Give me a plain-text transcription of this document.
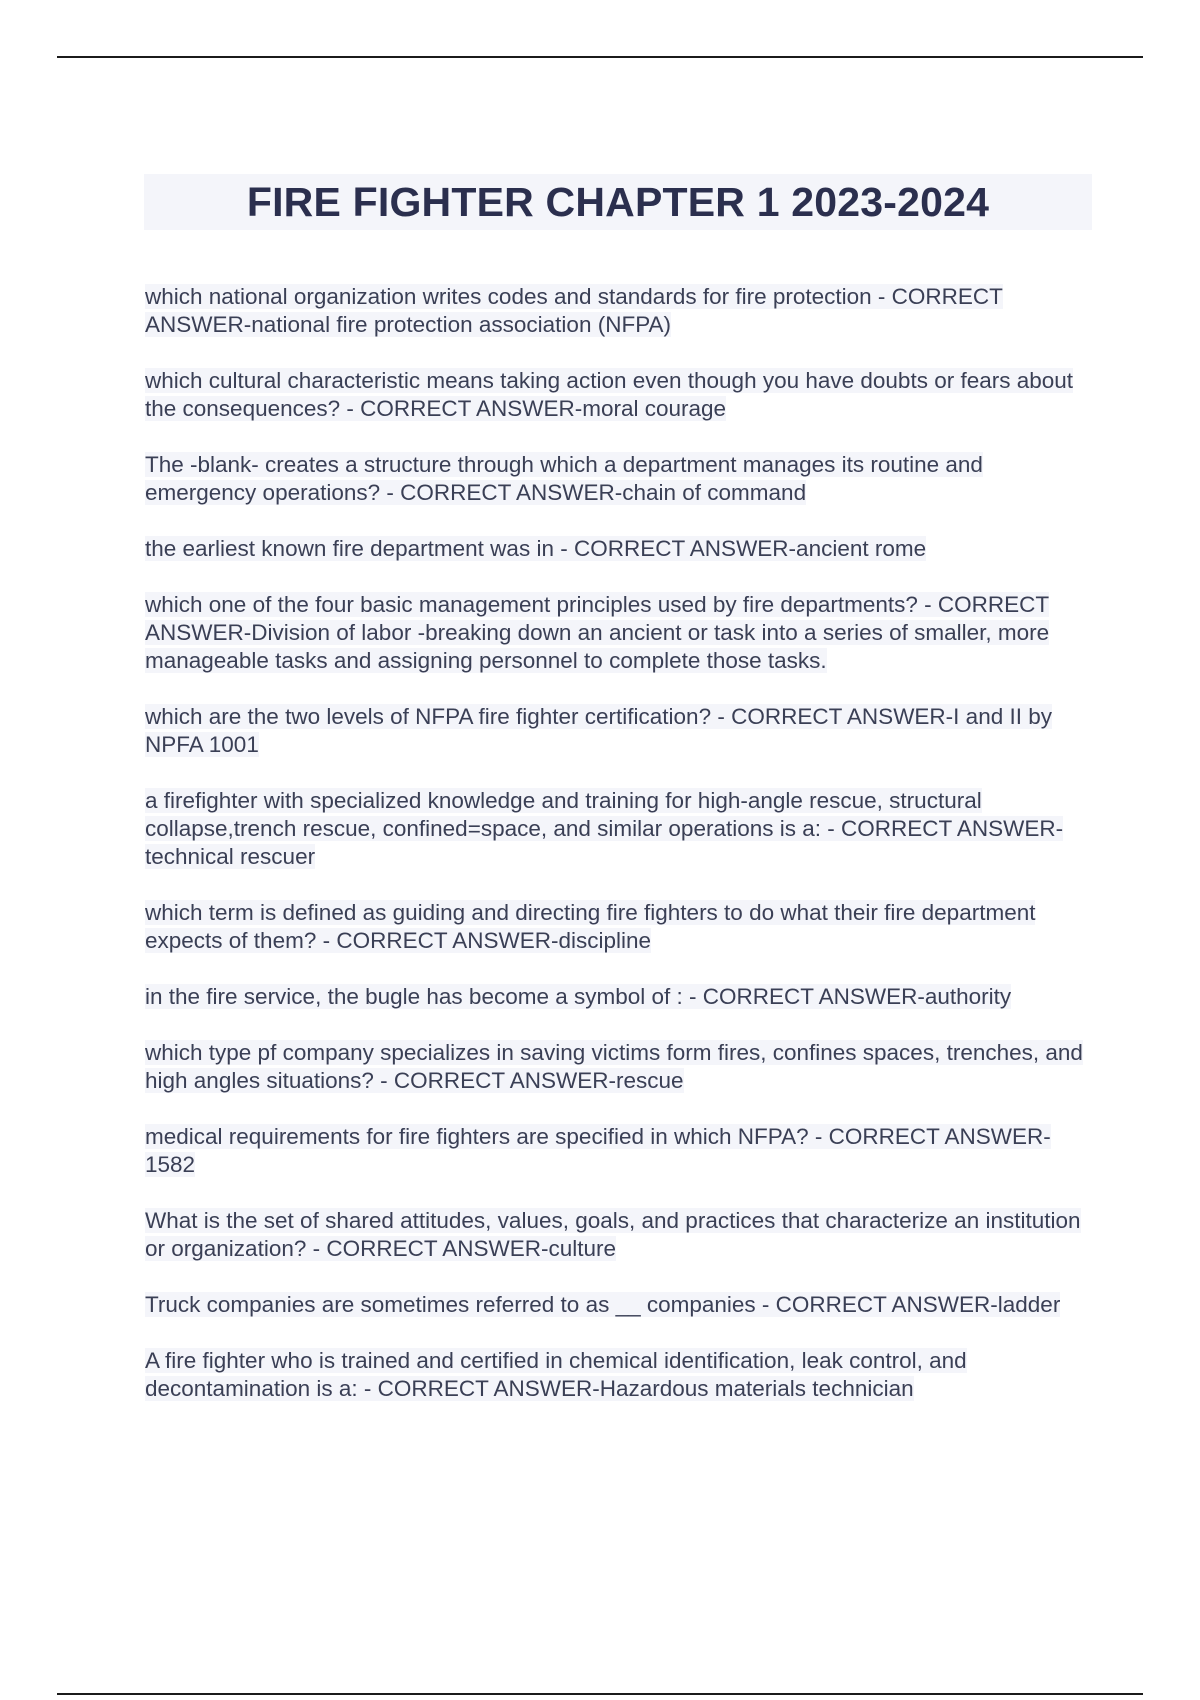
FIRE FIGHTER CHAPTER 1 2023-2024

which national organization writes codes and standards for fire protection - CORRECT ANSWER-national fire protection association (NFPA)

which cultural characteristic means taking action even though you have doubts or fears about the consequences? - CORRECT ANSWER-moral courage

The -blank- creates a structure through which a department manages its routine and emergency operations? - CORRECT ANSWER-chain of command

the earliest known fire department was in - CORRECT ANSWER-ancient rome

which one of the four basic management principles used by fire departments? - CORRECT ANSWER-Division of labor -breaking down an ancient or task into a series of smaller, more manageable tasks and assigning personnel to complete those tasks.

which are the two levels of NFPA fire fighter certification? - CORRECT ANSWER-I and II by NPFA 1001

a firefighter with specialized knowledge and training for high-angle rescue, structural collapse,trench rescue, confined=space, and similar operations is a: - CORRECT ANSWER-technical rescuer

which term is defined as guiding and directing fire fighters to do what their fire department expects of them? - CORRECT ANSWER-discipline

in the fire service, the bugle has become a symbol of : - CORRECT ANSWER-authority

which type pf company specializes in saving victims form fires, confines spaces, trenches, and high angles situations? - CORRECT ANSWER-rescue

medical requirements for fire fighters are specified in which NFPA? - CORRECT ANSWER-1582

What is the set of shared attitudes, values, goals, and practices that characterize an institution or organization? - CORRECT ANSWER-culture

Truck companies are sometimes referred to as __ companies - CORRECT ANSWER-ladder

A fire fighter who is trained and certified in chemical identification, leak control, and decontamination is a: - CORRECT ANSWER-Hazardous materials technician
